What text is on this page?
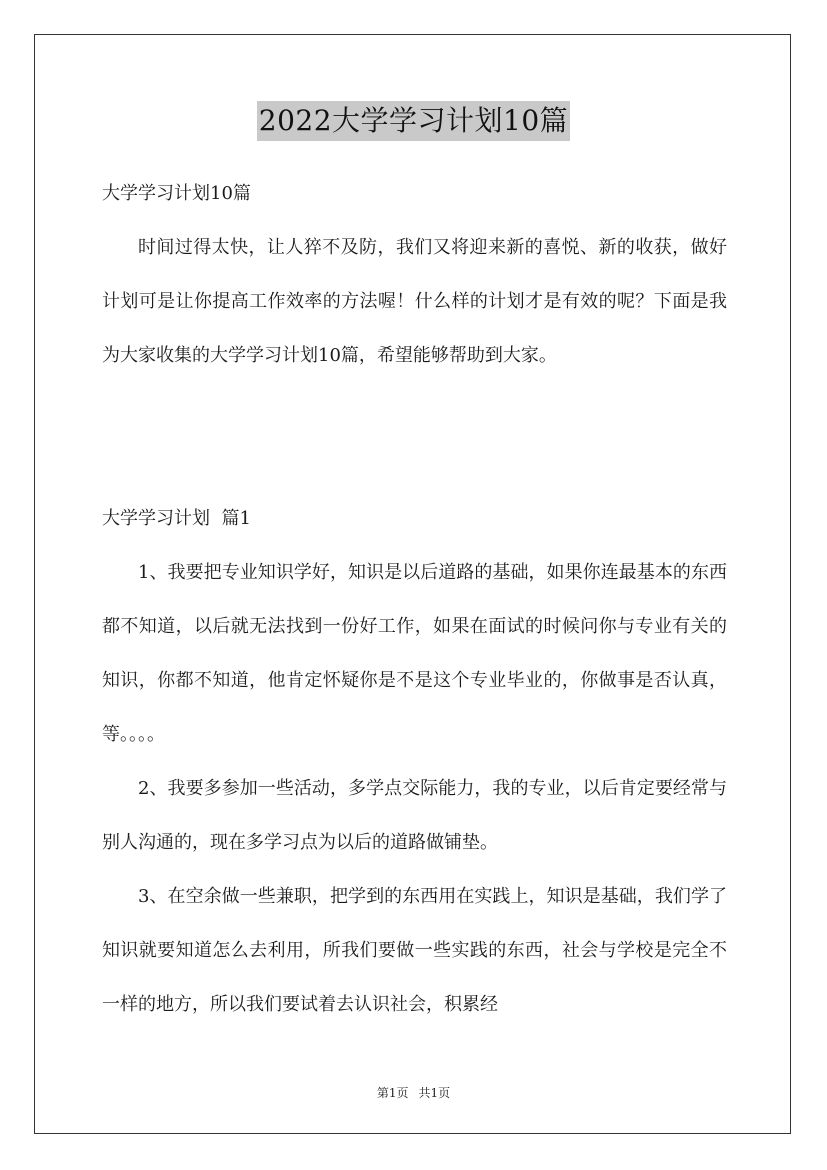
2022大学学习计划10篇

大学学习计划10篇

时间过得太快，让人猝不及防，我们又将迎来新的喜悦、新的收获，做好计划可是让你提高工作效率的方法喔！什么样的计划才是有效的呢？下面是我为大家收集的大学学习计划10篇，希望能够帮助到大家。

大学学习计划  篇1

1、我要把专业知识学好，知识是以后道路的基础，如果你连最基本的东西都不知道，以后就无法找到一份好工作，如果在面试的时候问你与专业有关的知识，你都不知道，他肯定怀疑你是不是这个专业毕业的，你做事是否认真，等。。。。

2、我要多参加一些活动，多学点交际能力，我的专业，以后肯定要经常与别人沟通的，现在多学习点为以后的道路做铺垫。

3、在空余做一些兼职，把学到的东西用在实践上，知识是基础，我们学了知识就要知道怎么去利用，所我们要做一些实践的东西，社会与学校是完全不一样的地方，所以我们要试着去认识社会，积累经

第1页 共1页
